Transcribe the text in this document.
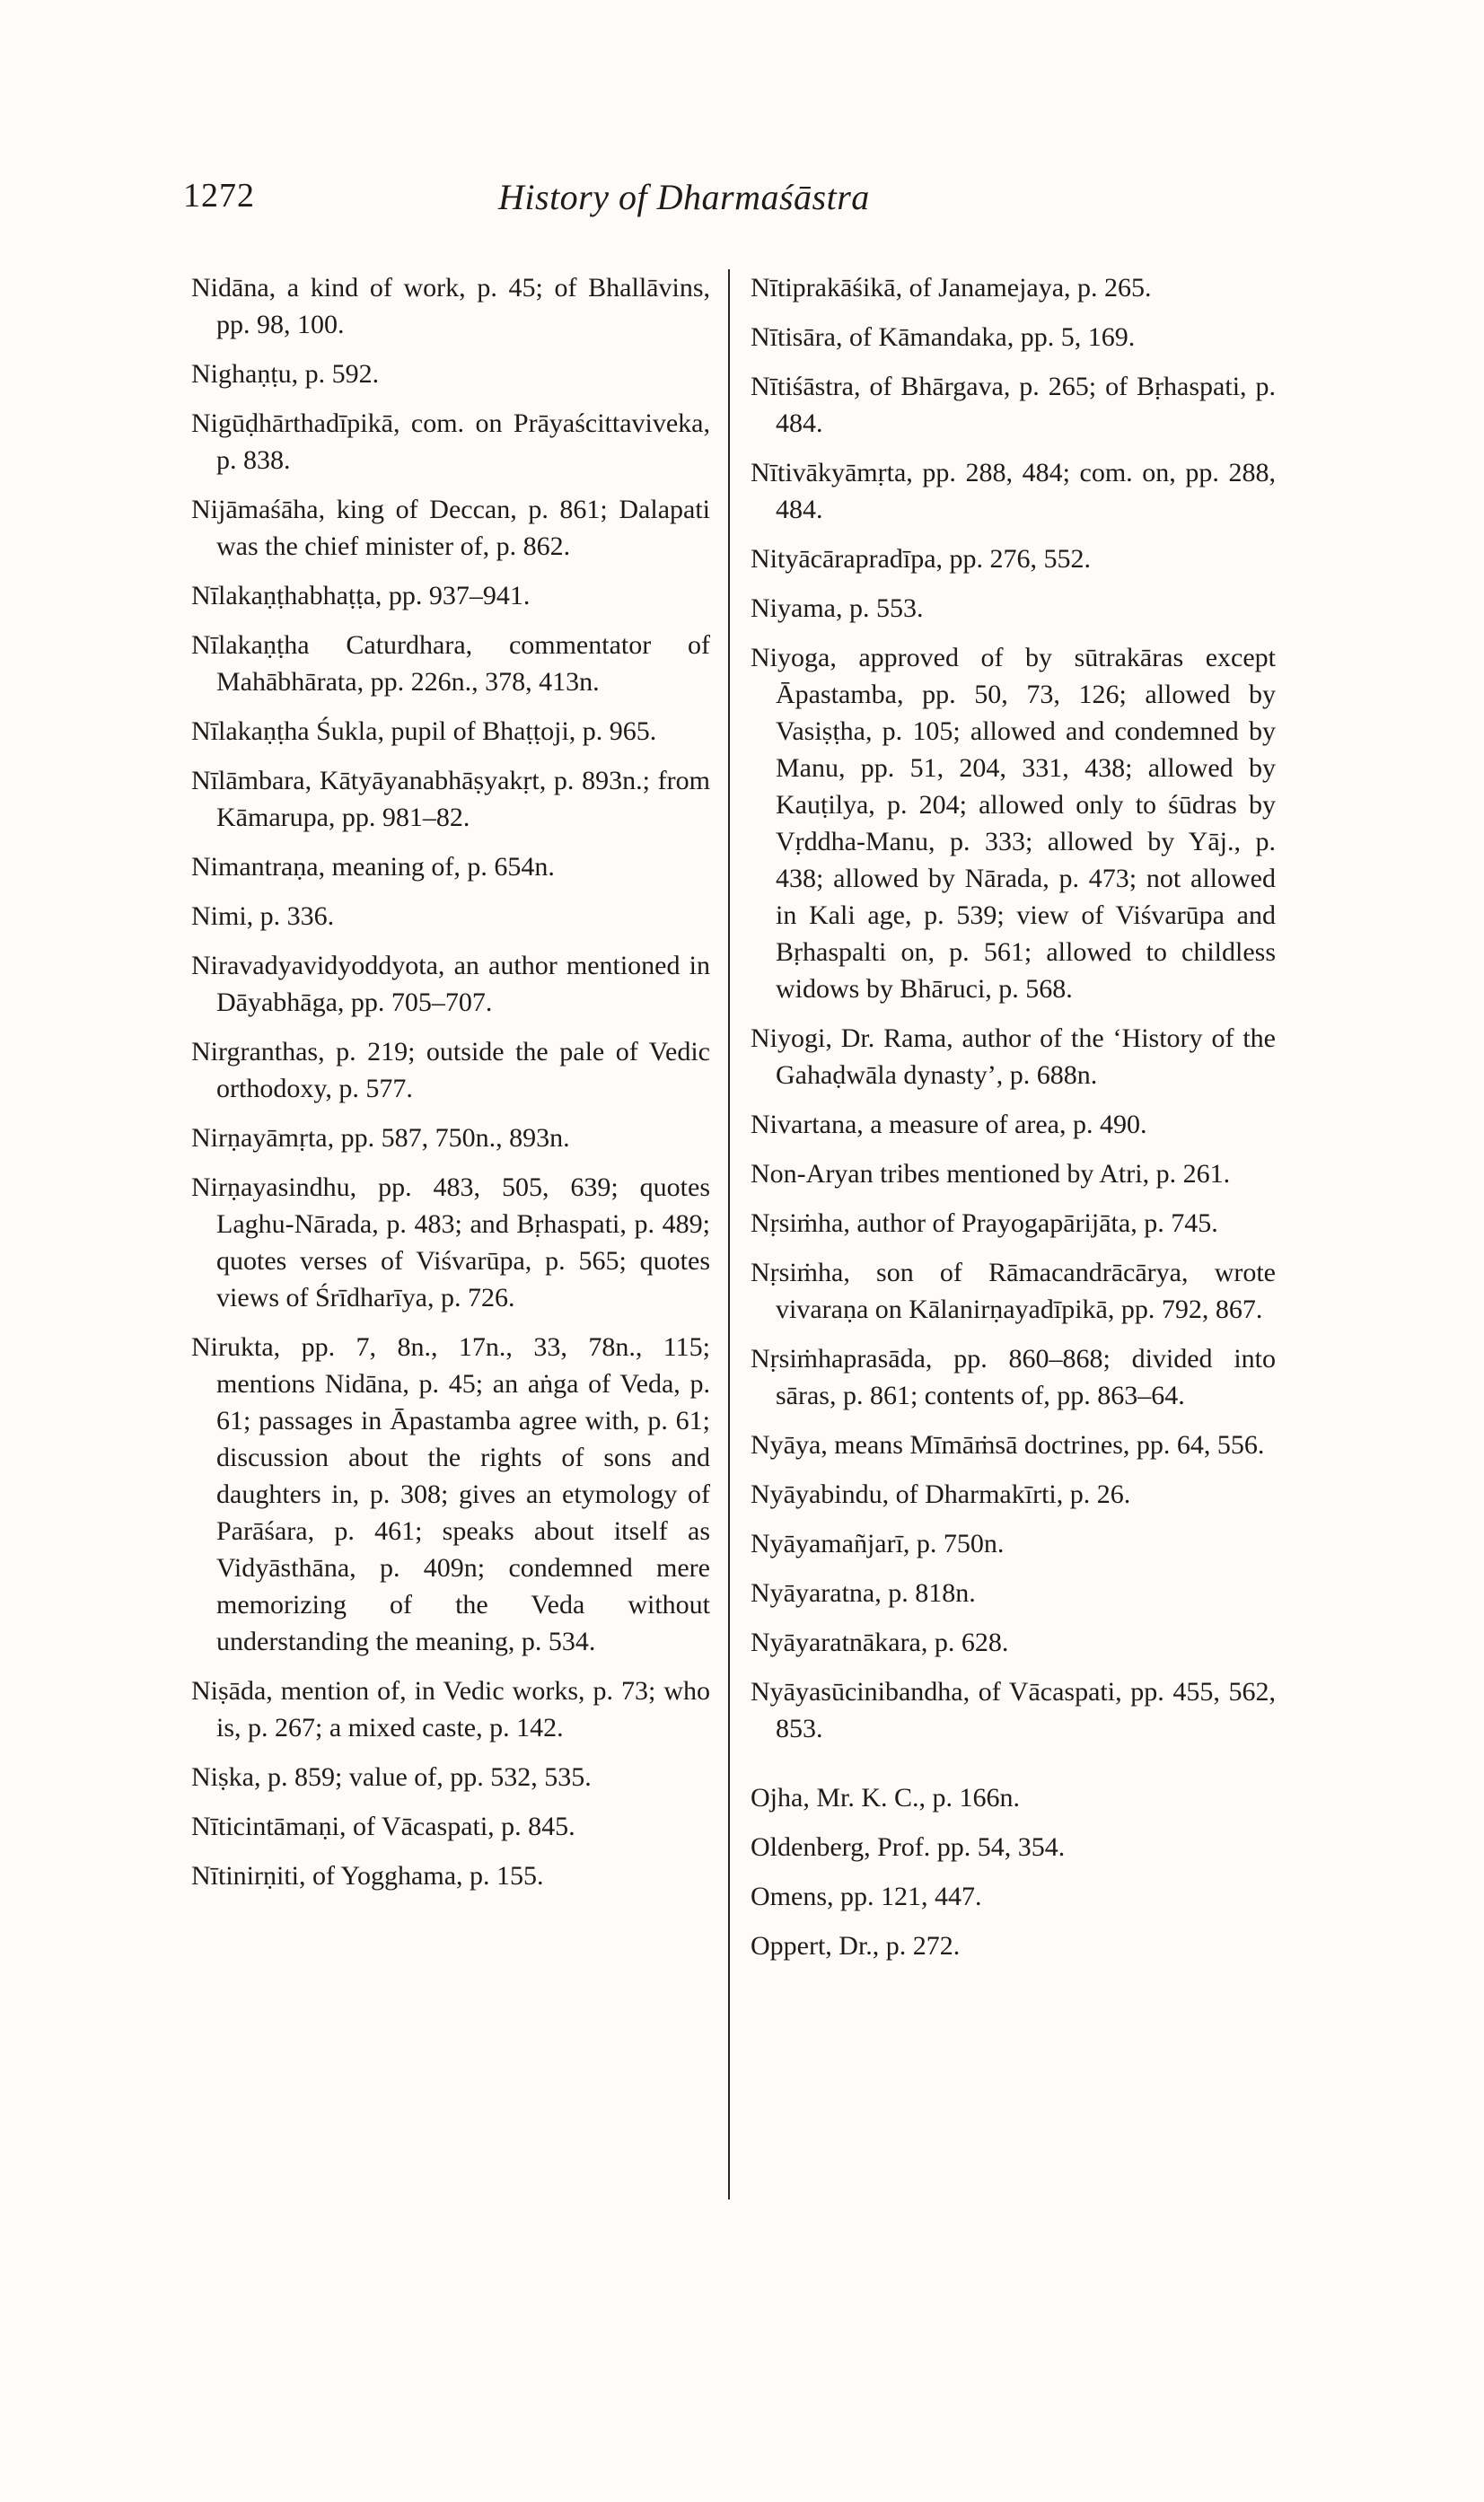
1272	History of Dharmaśāstra

Nidāna, a kind of work, p. 45; of Bhallāvins, pp. 98, 100.

Nighaṇṭu, p. 592.

Nigūḍhārthadīpikā, com. on Prāyaścittaviveka, p. 838.

Nijāmaśāha, king of Deccan, p. 861; Dalapati was the chief minister of, p. 862.

Nīlakaṇṭhabhaṭṭa, pp. 937–941.

Nīlakaṇṭha Caturdhara, commentator of Mahābhārata, pp. 226n., 378, 413n.

Nīlakaṇṭha Śukla, pupil of Bhaṭṭoji, p. 965.

Nīlāmbara, Kātyāyanabhāṣyakṛt, p. 893n.; from Kāmarupa, pp. 981–82.

Nimantraṇa, meaning of, p. 654n.

Nimi, p. 336.

Niravadyavidyoddyota, an author mentioned in Dāyabhāga, pp. 705–707.

Nirgranthas, p. 219; outside the pale of Vedic orthodoxy, p. 577.

Nirṇayāmṛta, pp. 587, 750n., 893n.

Nirṇayasindhu, pp. 483, 505, 639; quotes Laghu-Nārada, p. 483; and Bṛhaspati, p. 489; quotes verses of Viśvarūpa, p. 565; quotes views of Śrīdharīya, p. 726.

Nirukta, pp. 7, 8n., 17n., 33, 78n., 115; mentions Nidāna, p. 45; an aṅga of Veda, p. 61; passages in Āpastamba agree with, p. 61; discussion about the rights of sons and daughters in, p. 308; gives an etymology of Parāśara, p. 461; speaks about itself as Vidyāsthāna, p. 409n; condemned mere memorizing of the Veda without understanding the meaning, p. 534.

Niṣāda, mention of, in Vedic works, p. 73; who is, p. 267; a mixed caste, p. 142.

Niṣka, p. 859; value of, pp. 532, 535.

Nīticintāmaṇi, of Vācaspati, p. 845.

Nītinirṇiti, of Yogghama, p. 155.

Nītiprakāśikā, of Janamejaya, p. 265.

Nītisāra, of Kāmandaka, pp. 5, 169.

Nītiśāstra, of Bhārgava, p. 265; of Bṛhaspati, p. 484.

Nītivākyāmṛta, pp. 288, 484; com. on, pp. 288, 484.

Nityācārapradīpa, pp. 276, 552.

Niyama, p. 553.

Niyoga, approved of by sūtrakāras except Āpastamba, pp. 50, 73, 126; allowed by Vasiṣṭha, p. 105; allowed and condemned by Manu, pp. 51, 204, 331, 438; allowed by Kauṭilya, p. 204; allowed only to śūdras by Vṛddha-Manu, p. 333; allowed by Yāj., p. 438; allowed by Nārada, p. 473; not allowed in Kali age, p. 539; view of Viśvarūpa and Bṛhaspalti on, p. 561; allowed to childless widows by Bhāruci, p. 568.

Niyogi, Dr. Rama, author of the ‘History of the Gahaḍwāla dynasty’, p. 688n.

Nivartana, a measure of area, p. 490.

Non-Aryan tribes mentioned by Atri, p. 261.

Nṛsiṁha, author of Prayogapārijāta, p. 745.

Nṛsiṁha, son of Rāmacandrācārya, wrote vivaraṇa on Kālanirṇayadīpikā, pp. 792, 867.

Nṛsiṁhaprasāda, pp. 860–868; divided into sāras, p. 861; contents of, pp. 863–64.

Nyāya, means Mīmāṁsā doctrines, pp. 64, 556.

Nyāyabindu, of Dharmakīrti, p. 26.

Nyāyamañjarī, p. 750n.

Nyāyaratna, p. 818n.

Nyāyaratnākara, p. 628.

Nyāyasūcinibandha, of Vācaspati, pp. 455, 562, 853.

Ojha, Mr. K. C., p. 166n.

Oldenberg, Prof. pp. 54, 354.

Omens, pp. 121, 447.

Oppert, Dr., p. 272.
